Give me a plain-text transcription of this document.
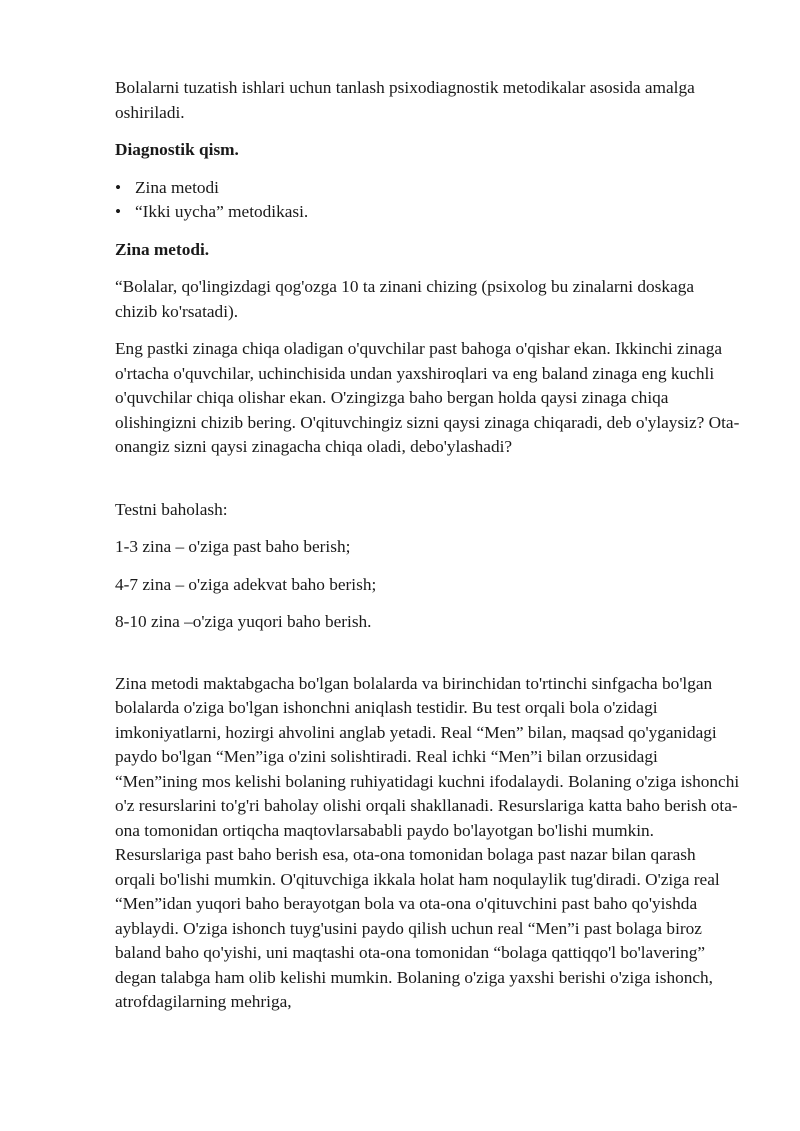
Bolalarni tuzatish ishlari uchun tanlash psixodiagnostik metodikalar asosida amalga oshiriladi.

Diagnostik qism.

• Zina metodi
• “Ikki uycha” metodikasi.

Zina metodi.

“Bolalar, qo'lingizdagi qog'ozga 10 ta zinani chizing (psixolog bu zinalarni doskaga chizib ko'rsatadi).

Eng pastki zinaga chiqa oladigan o'quvchilar past bahoga o'qishar ekan. Ikkinchi zinaga o'rtacha o'quvchilar, uchinchisida undan yaxshiroqlari va eng baland zinaga eng kuchli o'quvchilar chiqa olishar ekan. O'zingizga baho bergan holda qaysi zinaga chiqa olishingizni chizib bering. O'qituvchingiz sizni qaysi zinaga chiqaradi, deb o'ylaysiz? Ota-onangiz sizni qaysi zinagacha chiqa oladi, debo'ylashadi?

Testni baholash:

1-3 zina – o'ziga past baho berish;

4-7 zina – o'ziga adekvat baho berish;

8-10 zina –o'ziga yuqori baho berish.

Zina metodi maktabgacha bo'lgan bolalarda va birinchidan to'rtinchi sinfgacha bo'lgan bolalarda o'ziga bo'lgan ishonchni aniqlash testidir. Bu test orqali bola o'zidagi imkoniyatlarni, hozirgi ahvolini anglab yetadi. Real “Men” bilan, maqsad qo'yganidagi paydo bo'lgan “Men”iga o'zini solishtiradi. Real ichki “Men”i bilan orzusidagi “Men”ining mos kelishi bolaning ruhiyatidagi kuchni ifodalaydi. Bolaning o'ziga ishonchi o'z resurslarini to'g'ri baholay olishi orqali shakllanadi. Resurslariga katta baho berish ota-ona tomonidan ortiqcha maqtovlarsababli paydo bo'layotgan bo'lishi mumkin. Resurslariga past baho berish esa, ota-ona tomonidan bolaga past nazar bilan qarash orqali bo'lishi mumkin. O'qituvchiga ikkala holat ham noqulaylik tug'diradi. O'ziga real “Men”idan yuqori baho berayotgan bola va ota-ona o'qituvchini past baho qo'yishda ayblaydi. O'ziga ishonch tuyg'usini paydo qilish uchun real “Men”i past bolaga biroz baland baho qo'yishi, uni maqtashi ota-ona tomonidan “bolaga qattiqqo'l bo'lavering” degan talabga ham olib kelishi mumkin. Bolaning o'ziga yaxshi berishi o'ziga ishonch, atrofdagilarning mehriga,
